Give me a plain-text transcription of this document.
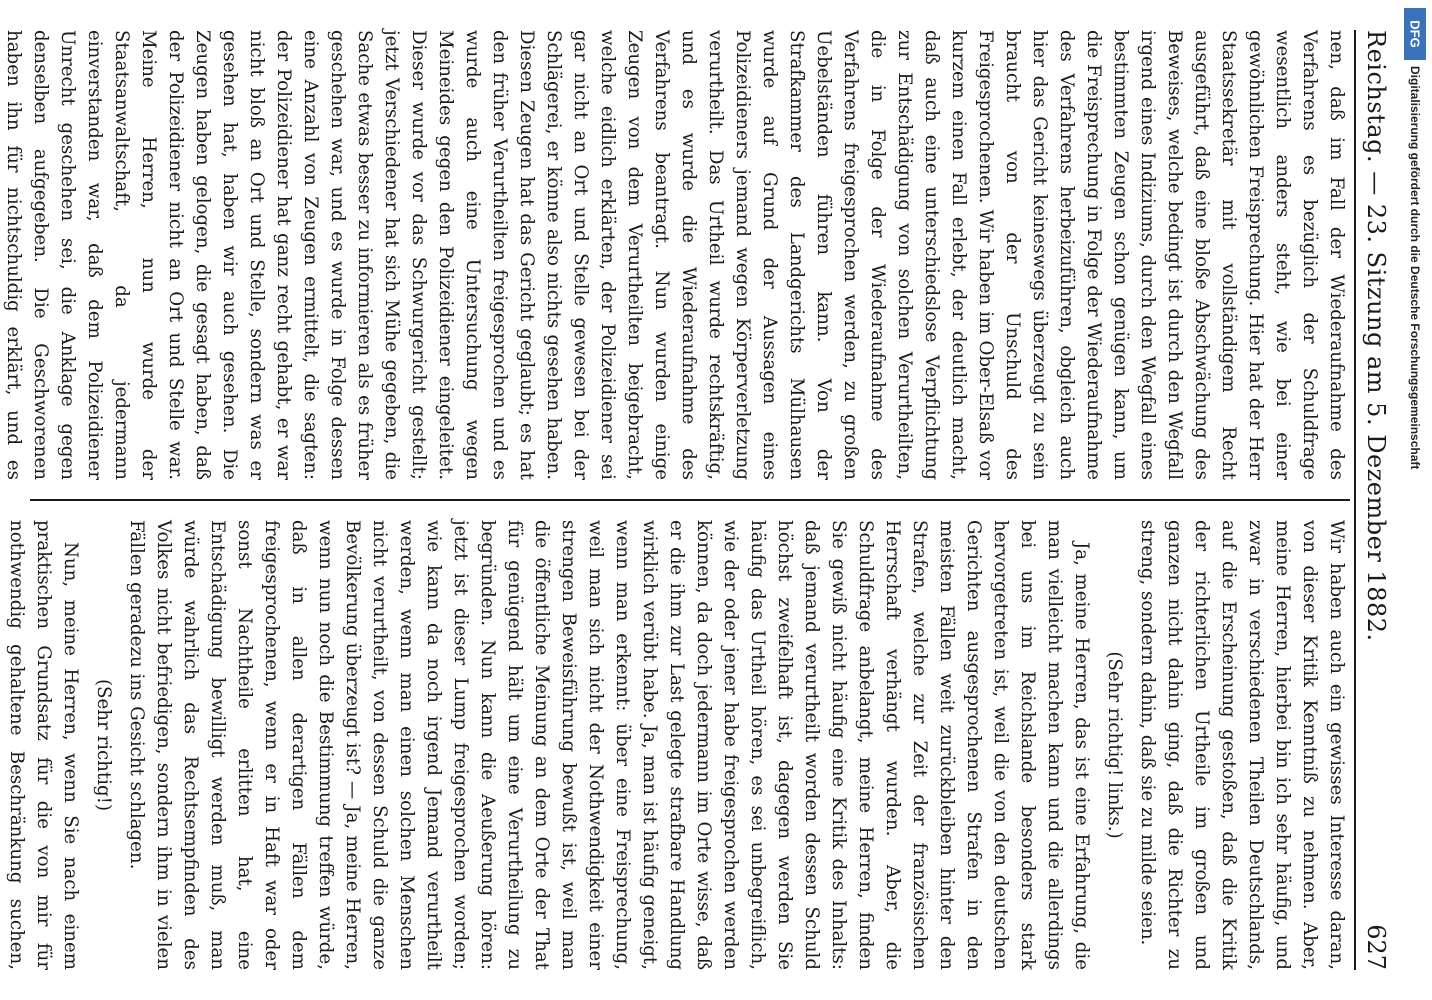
Reichstag. — 23. Sitzung am 5. Dezember 1882.
627

nen, daß im Fall der Wiederaufnahme des Verfahrens es bezüglich der Schuldfrage wesentlich anders steht, wie bei einer gewöhnlichen Freisprechung. Hier hat der Herr Staatssekretär mit vollständigem Recht ausgeführt, daß eine bloße Abschwächung des Beweises, welche bedingt ist durch den Wegfall irgend eines Indiziums, durch den Wegfall eines bestimmten Zeugen schon genügen kann, um die Freisprechung in Folge der Wiederaufnahme des Verfahrens herbeizuführen, obgleich auch hier das Gericht keineswegs überzeugt zu sein braucht von der Unschuld des Freigesprochenen. Wir haben im Ober-Elsaß vor kurzem einen Fall erlebt, der deutlich macht, daß auch eine unterschiedslose Verpflichtung zur Entschädigung von solchen Verurtheilten, die in Folge der Wiederaufnahme des Verfahrens freigesprochen werden, zu großen Uebelständen führen kann. Von der Strafkammer des Landgerichts Mülhausen wurde auf Grund der Aussagen eines Polizeidieners jemand wegen Körperverletzung verurtheilt. Das Urtheil wurde rechtskräftig, und es wurde die Wiederaufnahme des Verfahrens beantragt. Nun wurden einige Zeugen von dem Verurtheilten beigebracht, welche eidlich erklärten, der Polizeidiener sei gar nicht an Ort und Stelle gewesen bei der Schlägerei, er könne also nichts gesehen haben. Diesen Zeugen hat das Gericht geglaubt; es hat den früher Verurtheilten freigesprochen und es wurde auch eine Untersuchung wegen Meineides gegen den Polizeidiener eingeleitet. Dieser wurde vor das Schwurgericht gestellt; jetzt Verschiedener hat sich Mühe gegeben, die Sache etwas besser zu informieren als es früher geschehen war, und es wurde in Folge dessen eine Anzahl von Zeugen ermittelt, die sagten: der Polizeidiener hat ganz recht gehabt, er war nicht bloß an Ort und Stelle, sondern was er gesehen hat, haben wir auch gesehen. Die Zeugen haben gelogen, die gesagt haben, daß der Polizeidiener nicht an Ort und Stelle war. Meine Herren, nun wurde der Staatsanwaltschaft, da jedermann einverstanden war, daß dem Polizeidiener Unrecht geschehen sei, die Anklage gegen denselben aufgegeben. Die Geschworenen haben ihn für nichtschuldig erklärt, und es

Wir haben auch ein gewisses Interesse daran, von dieser Kritik Kenntniß zu nehmen. Aber, meine Herren, hierbei bin ich sehr häufig, und zwar in verschiedenen Theilen Deutschlands, auf die Erscheinung gestoßen, daß die Kritik der richterlichen Urtheile im großen und ganzen nicht dahin ging, daß die Richter zu streng, sondern dahin, daß sie zu milde seien.

(Sehr richtig! links.)

Ja, meine Herren, das ist eine Erfahrung, die man vielleicht machen kann und die allerdings bei uns im Reichslande besonders stark hervorgetreten ist, weil die von den deutschen Gerichten ausgesprochenen Strafen in den meisten Fällen weit zurückbleiben hinter den Strafen, welche zur Zeit der französischen Herrschaft verhängt wurden. Aber, die Schuldfrage anbelangt, meine Herren, finden Sie gewiß nicht häufig eine Kritik des Inhalts: daß jemand verurtheilt worden dessen Schuld höchst zweifelhaft ist, dagegen werden Sie häufig das Urtheil hören, es sei unbegreiflich, wie der oder jener habe freigesprochen werden können, da doch jedermann im Orte wisse, daß er die ihm zur Last gelegte strafbare Handlung wirklich verübt habe. Ja, man ist häufig geneigt, wenn man erkennt: über eine Freisprechung, weil man sich nicht der Nothwendigkeit einer strengen Beweisführung bewußt ist, weil man die öffentliche Meinung an dem Orte der That für genügend hält um eine Verurtheilung zu begründen. Nun kann die Aeußerung hören: jetzt ist dieser Lump freigesprochen worden; wie kann da noch irgend Jemand verurtheilt werden, wenn man einen solchen Menschen nicht verurtheilt, von dessen Schuld die ganze Bevölkerung überzeugt ist? — Ja, meine Herren, wenn nun noch die Bestimmung treffen würde, daß in allen derartigen Fällen dem freigesprochenen, wenn er in Haft war oder sonst Nachtheile erlitten hat, eine Entschädigung bewilligt werden muß, man würde wahrlich das Rechtsempfinden des Volkes nicht befriedigen, sondern ihm in vielen Fällen geradezu ins Gesicht schlagen.

(Sehr richtig!)

Nun, meine Herren, wenn Sie nach einem praktischen Grundsatz für die von mir für nothwendig gehaltene Beschränkung suchen,

DFG
Digitalisierung gefördert durch die Deutsche Forschungsgemeinschaft
